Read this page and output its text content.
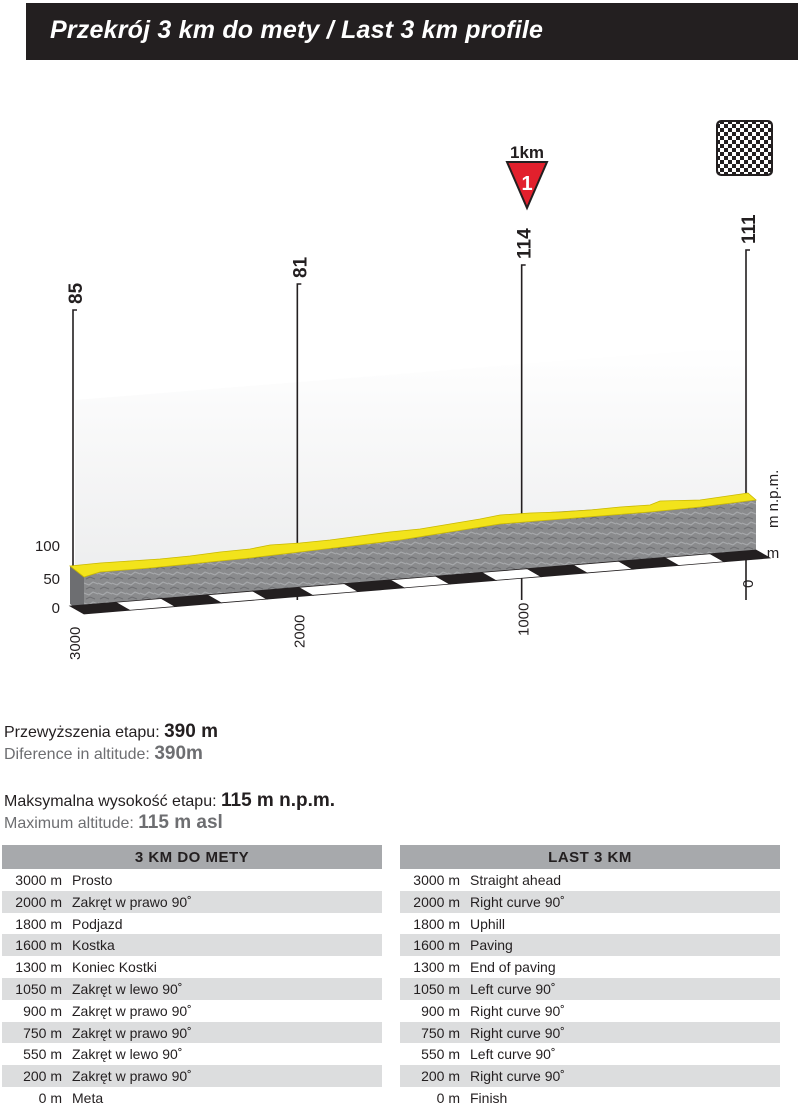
Przekrój 3 km do mety / Last 3 km profile
0
50
100
3000	2000	1000
0
85
81
114	111
1km
1
m n.p.m.
m
Przewyższenia etapu: 390 m
Diference in altitude: 390m
Maksymalna wysokość etapu: 115 m n.p.m.
Maximum altitude: 115 m asl
3 KM DO METY
3000 m Prosto
2000 m Zakręt w prawo 90˚
1800 m Podjazd
1600 m Kostka
1300 m Koniec Kostki
1050 m Zakręt w lewo 90˚
900 m Zakręt w prawo 90˚
750 m Zakręt w prawo 90˚
550 m Zakręt w lewo 90˚
200 m Zakręt w prawo 90˚
0 m Meta
LAST 3 KM
3000 m Straight ahead
2000 m Right curve 90˚
1800 m Uphill
1600 m Paving
1300 m End of paving
1050 m Left curve 90˚
900 m Right curve 90˚
750 m Right curve 90˚
550 m Left curve 90˚
200 m Right curve 90˚
0 m Finish
